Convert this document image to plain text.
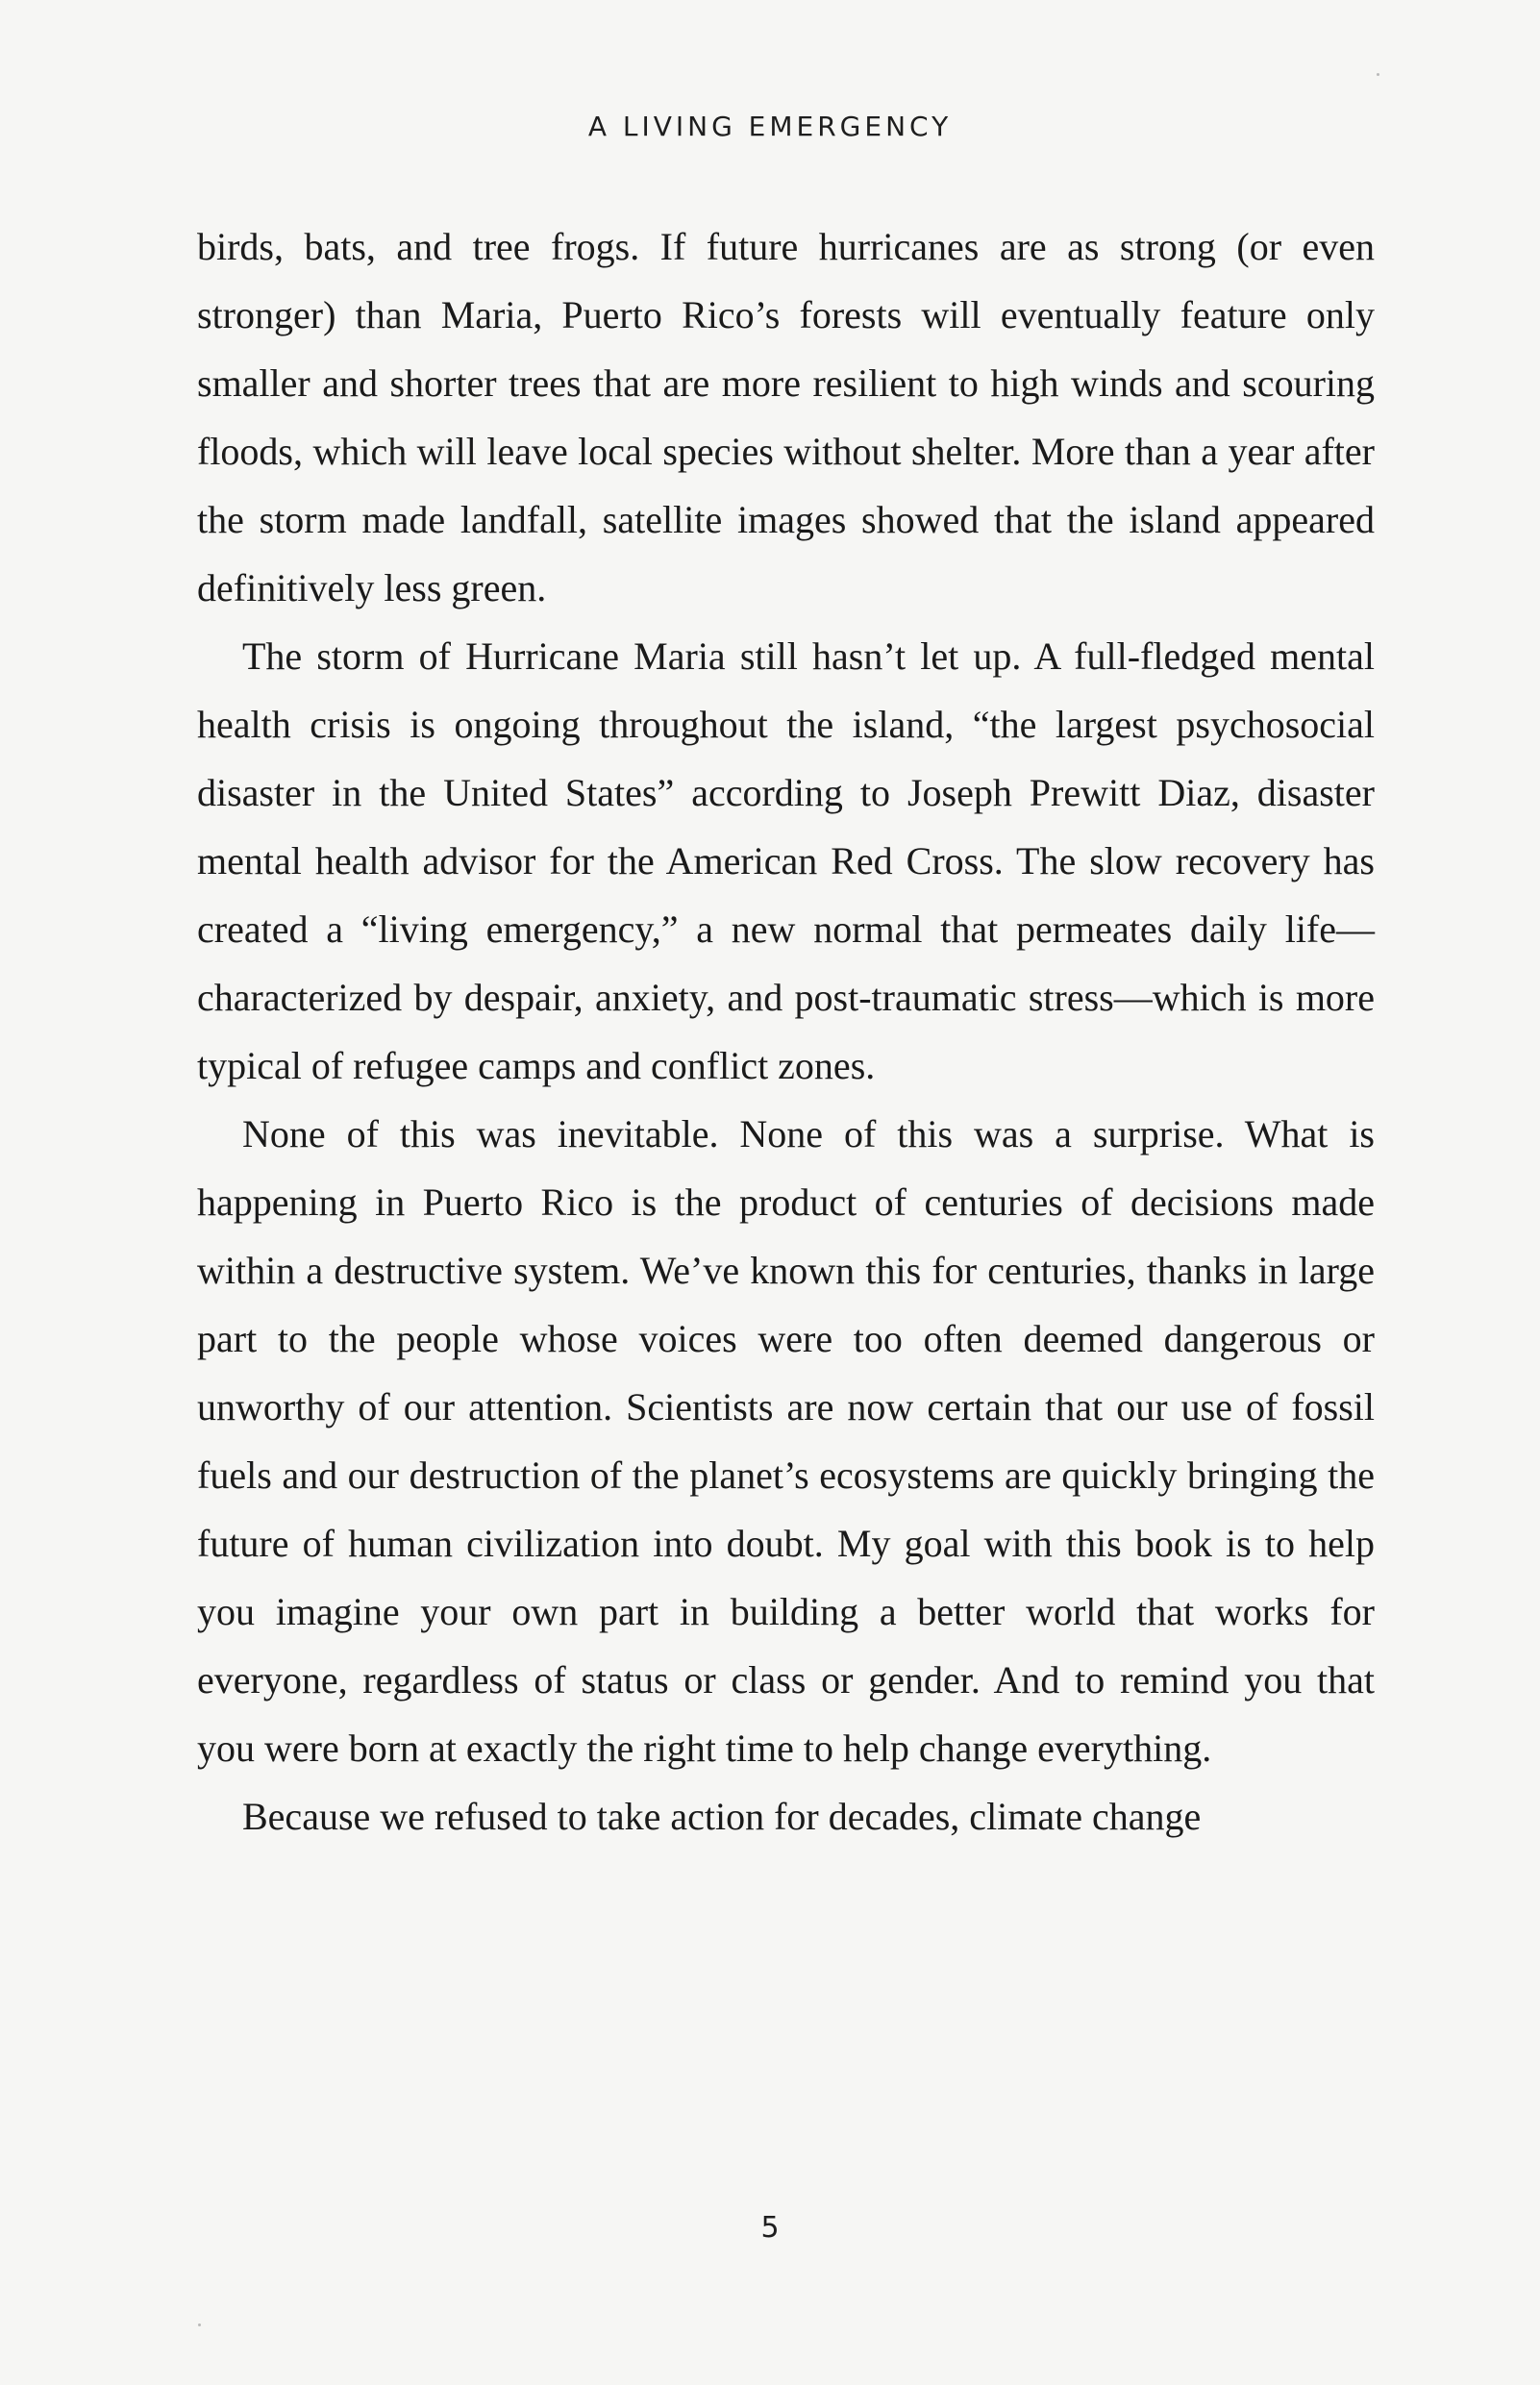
A LIVING EMERGENCY

birds, bats, and tree frogs. If future hurricanes are as strong (or even stronger) than Maria, Puerto Rico’s forests will eventually feature only smaller and shorter trees that are more resilient to high winds and scouring floods, which will leave local species without shelter. More than a year after the storm made landfall, satellite images showed that the island appeared definitively less green.

The storm of Hurricane Maria still hasn’t let up. A full-fledged mental health crisis is ongoing throughout the island, “the largest psychosocial disaster in the United States” according to Joseph Prewitt Diaz, disaster mental health advisor for the American Red Cross. The slow recovery has created a “living emergency,” a new normal that permeates daily life—characterized by despair, anxiety, and post-traumatic stress—which is more typical of refugee camps and conflict zones.

None of this was inevitable. None of this was a surprise. What is happening in Puerto Rico is the product of centuries of decisions made within a destructive system. We’ve known this for centuries, thanks in large part to the people whose voices were too often deemed dangerous or unworthy of our attention. Scientists are now certain that our use of fossil fuels and our destruction of the planet’s ecosystems are quickly bringing the future of human civilization into doubt. My goal with this book is to help you imagine your own part in building a better world that works for everyone, regardless of status or class or gender. And to remind you that you were born at exactly the right time to help change everything.

Because we refused to take action for decades, climate change

5
